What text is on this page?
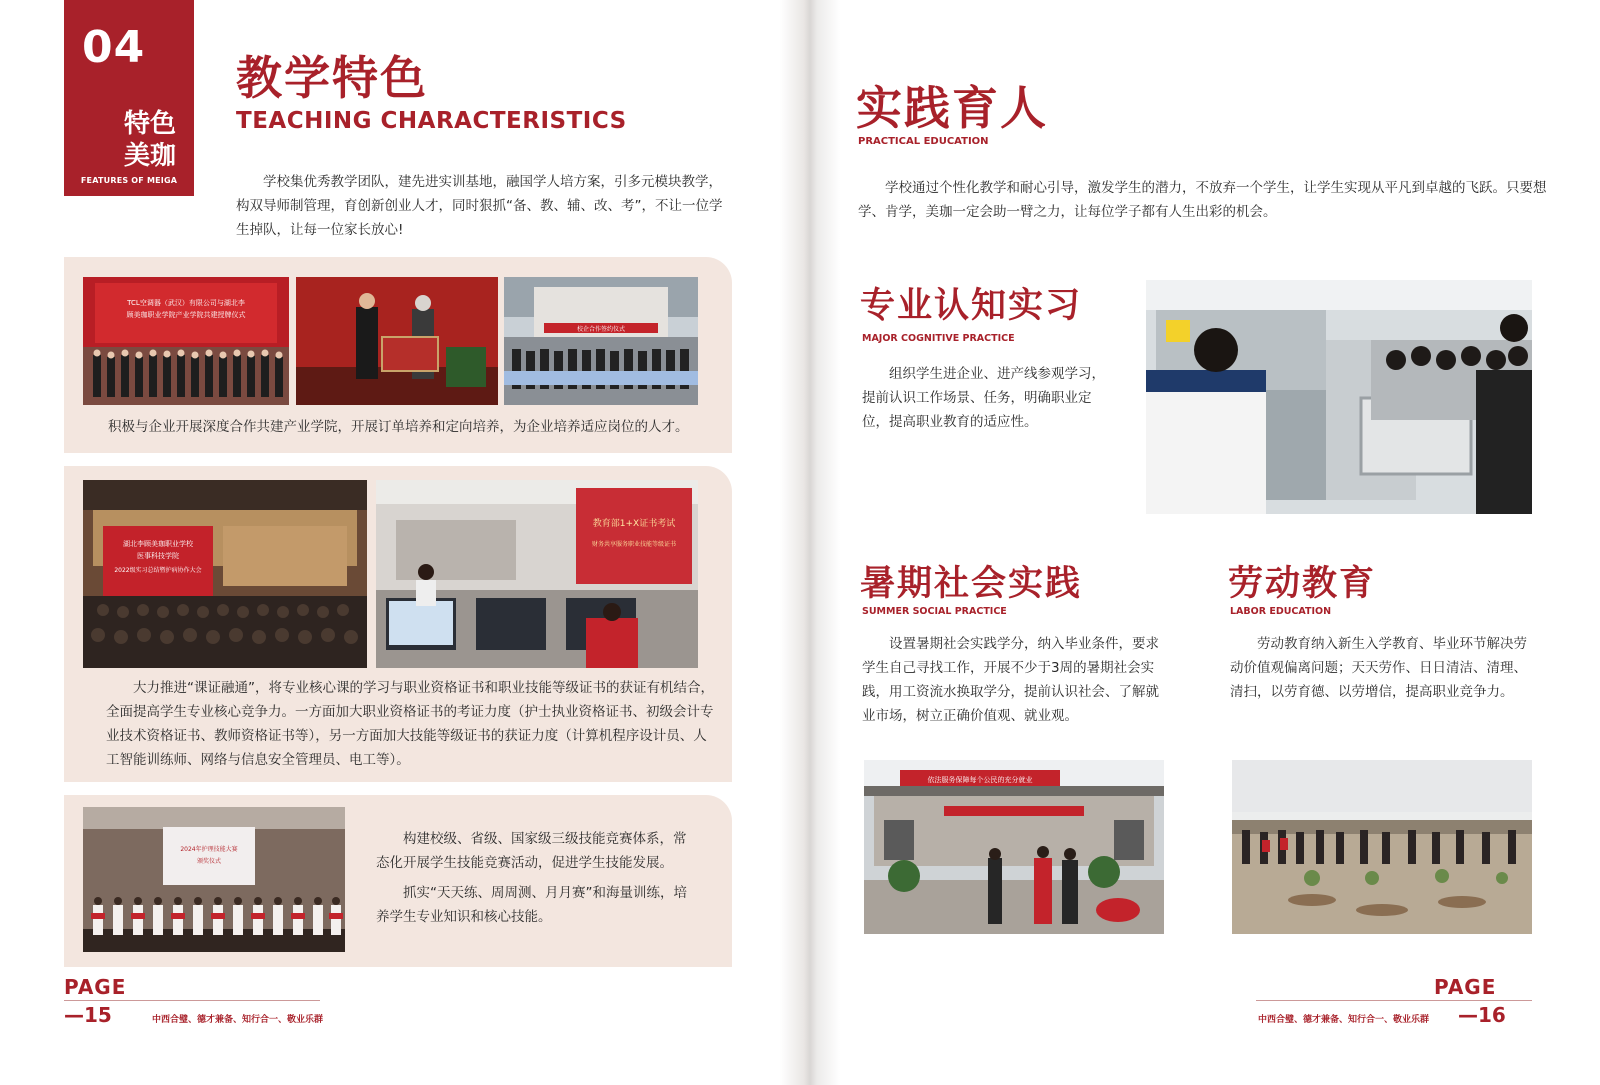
04
特色美珈
FEATURES OF MEIGA
教学特色
TEACHING CHARACTERISTICS
学校集优秀教学团队，建先进实训基地，融国学人培方案，引多元模块教学，构双导师制管理，育创新创业人才，同时狠抓“备、教、辅、改、考”，不让一位学生掉队，让每一位家长放心!
TCL空调器（武汉）有限公司与湖北李
顾美珈职业学院产业学院共建授牌仪式
校企合作签约仪式
积极与企业开展深度合作共建产业学院，开展订单培养和定向培养，为企业培养适应岗位的人才。
湖北李顾美珈职业学校
医事科技学院
2022级实习总结暨护病协作大会
教育部1+X证书考试
财务共享服务职业技能等级证书
大力推进“课证融通”，将专业核心课的学习与职业资格证书和职业技能等级证书的获证有机结合，全面提高学生专业核心竞争力。一方面加大职业资格证书的考证力度（护士执业资格证书、初级会计专业技术资格证书、教师资格证书等），另一方面加大技能等级证书的获证力度（计算机程序设计员、人工智能训练师、网络与信息安全管理员、电工等）。
2024年护理技能大赛
颁奖仪式
构建校级、省级、国家级三级技能竞赛体系，常态化开展学生技能竞赛活动，促进学生技能发展。
抓实“天天练、周周测、月月赛”和海量训练，培养学生专业知识和核心技能。
PAGE
—15	中西合璧、德才兼备、知行合一、敬业乐群
实践育人
PRACTICAL EDUCATION
学校通过个性化教学和耐心引导，激发学生的潜力，不放弃一个学生，让学生实现从平凡到卓越的飞跃。只要想学、肯学，美珈一定会助一臂之力，让每位学子都有人生出彩的机会。
专业认知实习
MAJOR COGNITIVE PRACTICE
组织学生进企业、进产线参观学习，提前认识工作场景、任务，明确职业定位，提高职业教育的适应性。
暑期社会实践
SUMMER SOCIAL PRACTICE
设置暑期社会实践学分，纳入毕业条件，要求学生自己寻找工作，开展不少于3周的暑期社会实践，用工资流水换取学分，提前认识社会、了解就业市场，树立正确价值观、就业观。
依法服务保障每个公民的充分就业
劳动教育
LABOR EDUCATION
劳动教育纳入新生入学教育、毕业环节解决劳动价值观偏离问题；天天劳作、日日清洁、清理、清扫，以劳育德、以劳增信，提高职业竞争力。
PAGE
—16
中西合璧、德才兼备、知行合一、敬业乐群
